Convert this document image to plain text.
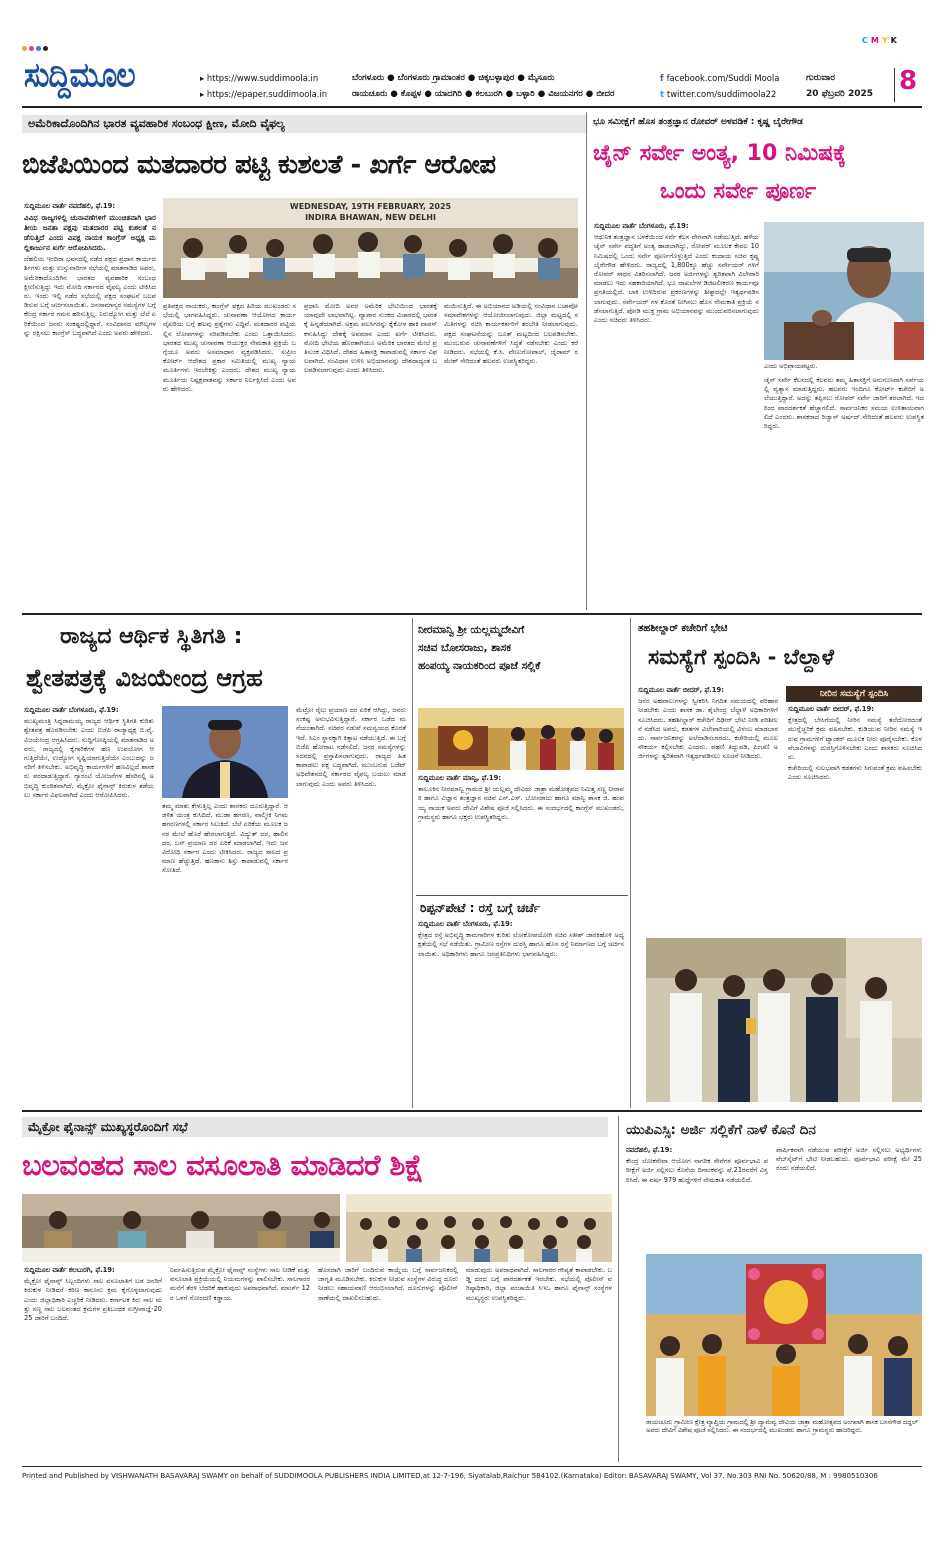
CMYK
ಸುದ್ದಿಮೂಲ	▸ https://www.suddimoola.in
▸ https://epaper.suddimoola.in
ಬೆಂಗಳೂರು ● ಬೆಂಗಳೂರು ಗ್ರಾಮಾಂತರ ● ಚಿಕ್ಕಬಳ್ಳಾಪುರ ● ಮೈಸೂರು
ರಾಯಚೂರು ● ಕೊಪ್ಪಳ ● ಯಾದಗಿರಿ ● ಕಲಬುರಗಿ ● ಬಳ್ಳಾರಿ ● ವಿಜಯನಗರ ● ಬೀದರ
f facebook.com/Suddi Moola
t twitter.com/suddimoola22
ಗುರುವಾರ
20 ಫೆಬ್ರವರಿ 2025 8
ಅಮೆರಿಕಾದೊಂದಿಗಿನ ಭಾರತ ವ್ಯವಹಾರಿಕ ಸಂಬಂಧ ಕ್ಷೀಣ, ಮೋದಿ ವೈಫಲ್ಯ
ಬಿಜೆಪಿಯಿಂದ ಮತದಾರರ ಪಟ್ಟಿ ಕುಶಲತೆ - ಖರ್ಗೆ ಆರೋಪ
WEDNESDAY, 19TH FEBRUARY, 2025
INDIRA BHAWAN, NEW DELHI

ಸುದ್ದಿಮೂಲ ವಾರ್ತೆ ನವದೆಹಲಿ, ಫೆ.19:

ವಿವಿಧ ರಾಜ್ಯಗಳಲ್ಲಿ ಚುನಾವಣೆಗಳಿಗೆ ಮುಂಚಿತವಾಗಿ ಭಾರತೀಯ ಜನತಾ ಪಕ್ಷವು ಮತದಾರರ ಪಟ್ಟಿ ಕುಶಲತೆ ನಡೆಸುತ್ತಿದೆ ಎಂದು ವಿಪಕ್ಷ ನಾಯಕ ಕಾಂಗ್ರೆಸ್ ಅಧ್ಯಕ್ಷ ಮಲ್ಲಿಕಾರ್ಜುನ ಖರ್ಗೆ ಆರೋಪಿಸಿದರು.

ದೆಹಲಿಯ ಇಂದಿರಾ ಭವನದಲ್ಲಿ ನಡೆದ ಪಕ್ಷದ ಪ್ರಧಾನ ಕಾರ್ಯದರ್ಶಿಗಳು ಮತ್ತು ಉಸ್ತುವಾರಿಗಳ ಸಭೆಯಲ್ಲಿ ಮಾತನಾಡಿದ ಅವರು, ಅಮೆರಿಕಾದೊಂದಿಗಿನ ಭಾರತದ ವ್ಯವಹಾರಿಕ ಸಂಬಂಧ ಕ್ಷೀಣಿಸುತ್ತಿದ್ದು ಇದು ಮೋದಿ ಸರ್ಕಾರದ ವೈಫಲ್ಯ ಎಂದು ಟೀಕಿಸಿದರು. ಇಂದು ಇಲ್ಲಿ ನಡೆದ ಸಭೆಯಲ್ಲಿ ಪಕ್ಷದ ಸಂಘಟನೆ ಬಲಪಡಿಸುವ ಬಗ್ಗೆ ಚರ್ಚಿಸಲಾಯಿತು. ಜನಸಾಮಾನ್ಯರ ಸಮಸ್ಯೆಗಳ ಬಗ್ಗೆ ಕೇಂದ್ರ ಸರ್ಕಾರ ಗಮನ ಹರಿಸುತ್ತಿಲ್ಲ. ನಿರುದ್ಯೋಗ ಮತ್ತು ಬೆಲೆ ಏರಿಕೆಯಿಂದ ಜನರು ಸಂಕಷ್ಟದಲ್ಲಿದ್ದಾರೆ. ಸಂವಿಧಾನದ ಮೌಲ್ಯಗಳನ್ನು ರಕ್ಷಿಸಲು ಕಾಂಗ್ರೆಸ್ ಬದ್ಧವಾಗಿದೆ ಎಂದು ಅವರು ಹೇಳಿದರು.

ಪ್ರತಿಪಕ್ಷದ ನಾಯಕರು, ಕಾಂಗ್ರೆಸ್ ಪಕ್ಷದ ಹಿರಿಯ ಮುಖಂಡರು ಸಭೆಯಲ್ಲಿ ಭಾಗವಹಿಸಿದ್ದರು. ಚುನಾವಣಾ ಆಯೋಗದ ಕಾರ್ಯವೈಖರಿಯ ಬಗ್ಗೆ ಹಲವು ಪ್ರಶ್ನೆಗಳು ಎದ್ದಿವೆ. ಮತದಾರರ ಪಟ್ಟಿಯಲ್ಲಿನ ಲೋಪಗಳನ್ನು ಸರಿಪಡಿಸಬೇಕು ಎಂದು ಒತ್ತಾಯಿಸಿದರು. ಭಾರತದ ಮುಖ್ಯ ಚುನಾವಣಾ ಆಯುಕ್ತರ ನೇಮಕಾತಿ ಪ್ರಕ್ರಿಯೆ ಬಗ್ಗೆಯೂ ಅವರು ಅಸಮಾಧಾನ ವ್ಯಕ್ತಪಡಿಸಿದರು. ಸುಪ್ರೀಂ ಕೋರ್ಟ್ ಆದೇಶದ ಪ್ರಕಾರ ಸಮಿತಿಯಲ್ಲಿ ಮುಖ್ಯ ನ್ಯಾಯಮೂರ್ತಿಗಳು ಇರಬೇಕಿತ್ತು ಎಂದರು. ದೇಶದ ಮುಖ್ಯ ನ್ಯಾಯ ಮೂರ್ತಿಯ ನಿಷ್ಪಕ್ಷಪಾತವನ್ನು ಸರ್ಕಾರ ನಿರ್ಲಕ್ಷಿಸಿದೆ ಎಂದು ಅವರು ಹೇಳಿದರು.

ಪ್ರಧಾನಿ ಮೋದಿ ಅವರ ಅಮೆರಿಕ ಭೇಟಿಯಿಂದ ಭಾರತಕ್ಕೆ ಯಾವುದೇ ಲಾಭವಾಗಿಲ್ಲ. ವ್ಯಾಪಾರ ಸುಂಕದ ವಿಚಾರದಲ್ಲಿ ಭಾರತಕ್ಕೆ ಹಿನ್ನಡೆಯಾಗಿದೆ. ಅಕ್ರಮ ವಲಸಿಗರನ್ನು ಕೈಕೋಳ ಹಾಕಿ ವಾಪಸ್ ಕಳುಹಿಸಿದ್ದು ದೇಶಕ್ಕೆ ಅವಮಾನ ಎಂದು ಖರ್ಗೆ ಟೀಕಿಸಿದರು. ಮೋದಿ ಭೇಟಿಯ ಹೊರತಾಗಿಯೂ ಅಮೆರಿಕ ಭಾರತದ ಮೇಲೆ ಪ್ರತಿಸುಂಕ ವಿಧಿಸಿದೆ. ದೇಶದ ಹಿತಾಸಕ್ತಿ ಕಾಪಾಡುವಲ್ಲಿ ಸರ್ಕಾರ ವಿಫಲವಾಗಿದೆ. ಸಂವಿಧಾನ ಉಳಿಸಿ ಅಭಿಯಾನವನ್ನು ದೇಶದಾದ್ಯಂತ ಬಲಪಡಿಸಲಾಗುವುದು ಎಂದು ತಿಳಿಸಿದರು.

ಮಯಿಸುತ್ತಿದೆ. ಈ ಅಭಿಯಾನದ ಅಡಿಯಲ್ಲಿ ಸಂವಿಧಾನ ಬಚಾವೋ ಸಮಾವೇಶಗಳನ್ನು ಆಯೋಜಿಸಲಾಗುವುದು. ಜಿಲ್ಲಾ ಮಟ್ಟದಲ್ಲಿ ಸಮಿತಿಗಳನ್ನು ರಚಿಸಿ ಕಾರ್ಯಕರ್ತರಿಗೆ ತರಬೇತಿ ನೀಡಲಾಗುವುದು. ಪಕ್ಷದ ಸಂಘಟನೆಯನ್ನು ಬೂತ್ ಮಟ್ಟದಿಂದ ಬಲಪಡಿಸಬೇಕು. ಮುಂಬರುವ ಚುನಾವಣೆಗಳಿಗೆ ಸಿದ್ಧತೆ ನಡೆಸಬೇಕು ಎಂದು ಕರೆ ನೀಡಿದರು. ಸಭೆಯಲ್ಲಿ ಕೆ.ಸಿ. ವೇಣುಗೋಪಾಲ್, ಜೈರಾಮ್ ರಮೇಶ್ ಸೇರಿದಂತೆ ಹಲವರು ಉಪಸ್ಥಿತರಿದ್ದರು.

ಭೂ ಸಮೀಕ್ಷೆಗೆ ಹೊಸ ತಂತ್ರಜ್ಞಾನ ರೋವರ್ ಅಳವಡಿಕೆ : ಕೃಷ್ಣ ಬೈರೇಗೌಡ
ಚೈನ್ ಸರ್ವೇ ಅಂತ್ಯ, 10 ನಿಮಿಷಕ್ಕೆ
ಒಂದು ಸರ್ವೇ ಪೂರ್ಣ

ಸುದ್ದಿಮೂಲ ವಾರ್ತೆ ಬೆಂಗಳೂರು, ಫೆ.19:

ಆಧುನಿಕ ತಂತ್ರಜ್ಞಾನ ಬಳಕೆಯಿಂದ ಸರ್ವೆ ಕೆಲಸ ವೇಗವಾಗಿ ನಡೆಯುತ್ತಿದೆ. ಹಳೆಯ ಚೈನ್ ಸರ್ವೇ ಪದ್ಧತಿಗೆ ಅಂತ್ಯ ಹಾಡಲಾಗಿದ್ದು, ರೋವರ್ ಮೂಲಕ ಕೇವಲ 10 ನಿಮಿಷದಲ್ಲಿ ಒಂದು ಸರ್ವೇ ಪೂರ್ಣಗೊಳ್ಳುತ್ತಿದೆ ಎಂದು ಕಂದಾಯ ಸಚಿವ ಕೃಷ್ಣ ಬೈರೇಗೌಡ ಹೇಳಿದರು. ರಾಜ್ಯದಲ್ಲಿ 1,800ಕ್ಕೂ ಹೆಚ್ಚು ಸರ್ವೇಯರ್ ಗಳಿಗೆ ರೋವರ್ ಸಾಧನ ವಿತರಿಸಲಾಗಿದೆ. ಜನರ ಅರ್ಜಿಗಳನ್ನು ತ್ವರಿತವಾಗಿ ವಿಲೇವಾರಿ ಮಾಡಲು ಇದು ಸಹಕಾರಿಯಾಗಿದೆ. ಭೂ ದಾಖಲೆಗಳ ಡಿಜಿಟಲೀಕರಣ ಕಾರ್ಯವೂ ಪ್ರಗತಿಯಲ್ಲಿದೆ. ಬಾಕಿ ಉಳಿದಿರುವ ಪ್ರಕರಣಗಳನ್ನು ಶೀಘ್ರದಲ್ಲೇ ಇತ್ಯರ್ಥಪಡಿಸಲಾಗುವುದು. ಸರ್ವೇಯರ್ ಗಳ ಕೊರತೆ ನೀಗಿಸಲು ಹೊಸ ನೇಮಕಾತಿ ಪ್ರಕ್ರಿಯೆ ನಡೆಸಲಾಗುತ್ತಿದೆ. ಪೋಡಿ ಮುಕ್ತ ಗ್ರಾಮ ಅಭಿಯಾನವನ್ನು ಮುಂದುವರಿಸಲಾಗುವುದು ಎಂದು ಸಚಿವರು ತಿಳಿಸಿದರು.

ಎಂದು ಅಭಿಪ್ರಾಯಪಟ್ಟರು.

ಚೈನ್ ಸರ್ವೇ ಕೆಲಸದಲ್ಲಿ ಕೆಲವರು ತಮ್ಮ ಹಿತಾಸಕ್ತಿಗೆ ಅನುಗುಣವಾಗಿ ಸರ್ವೆಯಲ್ಲಿ ವ್ಯತ್ಯಾಸ ಮಾಡುತ್ತಿದ್ದರು. ಹಲವರು ಇಂದಿಗೂ ಕೋರ್ಟ್ ಕಚೇರಿಗೆ ಅಲೆಯುತ್ತಿದ್ದಾರೆ. ಅದನ್ನು ತಪ್ಪಿಸಲು ರೋವರ್ ಸರ್ವೇ ಜಾರಿಗೆ ತರಲಾಗಿದೆ. ಇದರಿಂದ ಪಾರದರ್ಶಕತೆ ಹೆಚ್ಚಾಗಲಿದೆ. ಸಾರ್ವಜನಿಕರ ಸಮಯ ಉಳಿತಾಯವಾಗಲಿದೆ ಎಂದರು. ಶಾಸಕರಾದ ರಿಜ್ವಾನ್ ಅರ್ಷದ್ ಸೇರಿದಂತೆ ಹಲವರು ಉಪಸ್ಥಿತರಿದ್ದರು.

ರಾಜ್ಯದ ಆರ್ಥಿಕ ಸ್ಥಿತಿಗತಿ :
ಶ್ವೇತಪತ್ರಕ್ಕೆ ವಿಜಯೇಂದ್ರ ಆಗ್ರಹ

ಸುದ್ದಿಮೂಲ ವಾರ್ತೆ ಬೆಂಗಳೂರು, ಫೆ.19:

ಮುಖ್ಯಮಂತ್ರಿ ಸಿದ್ದರಾಮಯ್ಯ ರಾಜ್ಯದ ಆರ್ಥಿಕ ಸ್ಥಿತಿಗತಿ ಕುರಿತು ಶ್ವೇತಪತ್ರ ಹೊರಡಿಸಬೇಕು ಎಂದು ಬಿಜೆಪಿ ರಾಜ್ಯಾಧ್ಯಕ್ಷ ಬಿ.ವೈ. ವಿಜಯೇಂದ್ರ ಆಗ್ರಹಿಸಿದರು. ಸುದ್ದಿಗೋಷ್ಠಿಯಲ್ಲಿ ಮಾತನಾಡಿದ ಅವರು, ರಾಜ್ಯದಲ್ಲಿ ಕೈಗಾರಿಕೆಗಳ ಹಣ ಉಪಯೋಗ ಆಗುತ್ತಿದೆಯೇ, ಉದ್ಯೋಗ ಸೃಷ್ಟಿಯಾಗುತ್ತಿದೆಯೇ ಎಂಬುದನ್ನು ಜನರಿಗೆ ತಿಳಿಸಬೇಕು. ಅಭಿವೃದ್ಧಿ ಕಾರ್ಯಗಳಿಗೆ ಹಣವಿಲ್ಲದೆ ಶಾಸಕರು ಪರದಾಡುತ್ತಿದ್ದಾರೆ. ಗ್ಯಾರಂಟಿ ಯೋಜನೆಗಳ ಹೆಸರಿನಲ್ಲಿ ಅಭಿವೃದ್ಧಿ ಕುಂಠಿತವಾಗಿದೆ. ಮೈಕ್ರೋ ಫೈನಾನ್ಸ್ ಕಿರುಕುಳ ತಡೆಯಲು ಸರ್ಕಾರ ವಿಫಲವಾಗಿದೆ ಎಂದು ಆರೋಪಿಸಿದರು.

ತಮ್ಮ ಮಾತು ಕೇಳುತ್ತಿಲ್ಲ ಎಂದು ಶಾಸಕರು ದೂರುತ್ತಿದ್ದಾರೆ. ಆಡಳಿತ ಯಂತ್ರ ಕುಸಿದಿದೆ. ಮುಡಾ ಹಗರಣ, ವಾಲ್ಮೀಕಿ ನಿಗಮ ಹಗರಣಗಳಲ್ಲಿ ಸರ್ಕಾರ ಸಿಲುಕಿದೆ. ಬೆಲೆ ಏರಿಕೆಯ ಮೂಲಕ ಜನರ ಮೇಲೆ ಹೊರೆ ಹೇರಲಾಗುತ್ತಿದೆ. ವಿದ್ಯುತ್ ದರ, ಹಾಲಿನ ದರ, ಬಸ್ ಪ್ರಯಾಣ ದರ ಏರಿಕೆ ಮಾಡಲಾಗಿದೆ. ಇದು ಜನವಿರೋಧಿ ಸರ್ಕಾರ ಎಂದು ಟೀಕಿಸಿದರು. ರಾಜ್ಯದ ಸಾಲದ ಪ್ರಮಾಣ ಹೆಚ್ಚುತ್ತಿದೆ. ಹಣಕಾಸು ಶಿಸ್ತು ಕಾಪಾಡುವಲ್ಲಿ ಸರ್ಕಾರ ಸೋತಿದೆ.

ಮೆಟ್ರೋ ರೈಲು ಪ್ರಯಾಣ ದರ ಏರಿಕೆ ಆಗಿದ್ದು, ಜನರು ಸಂಕಷ್ಟ ಅನುಭವಿಸುತ್ತಿದ್ದಾರೆ. ಸರ್ಕಾರ ಒಡೆದ ಮನೆಯಂತಾಗಿದೆ. ಸಚಿವರ ನಡುವೆ ಸಮನ್ವಯದ ಕೊರತೆ ಇದೆ. ಸಿಎಂ ಸ್ಥಾನಕ್ಕಾಗಿ ಕಿತ್ತಾಟ ನಡೆಯುತ್ತಿದೆ. ಈ ಬಗ್ಗೆ ಬಿಜೆಪಿ ಹೋರಾಟ ನಡೆಸಲಿದೆ. ಜನರ ಸಮಸ್ಯೆಗಳನ್ನು ಸದನದಲ್ಲಿ ಪ್ರಸ್ತಾಪಿಸಲಾಗುವುದು. ರಾಜ್ಯದ ಹಿತ ಕಾಪಾಡಲು ಪಕ್ಷ ಬದ್ಧವಾಗಿದೆ. ಮುಂಬರುವ ಬಜೆಟ್ ಅಧಿವೇಶನದಲ್ಲಿ ಸರ್ಕಾರದ ವೈಫಲ್ಯ ಬಯಲು ಮಾಡಲಾಗುವುದು ಎಂದು ಅವರು ತಿಳಿಸಿದರು.

ನೀರಮಾನ್ವಿ ಶ್ರೀ ಯಲ್ಲಮ್ಮದೇವಿಗೆ
ಸಚಿವ ಬೋಸರಾಜು, ಶಾಸಕ
ಹಂಪಯ್ಯ ನಾಯಕರಿಂದ ಪೂಜೆ ಸಲ್ಲಿಕೆ

ಸುದ್ದಿಮೂಲ ವಾರ್ತೆ ಮಾನ್ವಿ, ಫೆ.19:

ತಾಲೂಕಿನ ನೀರಮಾನ್ವಿ ಗ್ರಾಮದ ಶ್ರೀ ಯಲ್ಲಮ್ಮ ದೇವಿಯ ಜಾತ್ರಾ ಮಹೋತ್ಸವದ ನಿಮಿತ್ತ ಸಣ್ಣ ನೀರಾವರಿ ಹಾಗೂ ವಿಜ್ಞಾನ ತಂತ್ರಜ್ಞಾನ ಸಚಿವ ಎನ್.ಎಸ್. ಬೋಸರಾಜು ಹಾಗೂ ಮಾನ್ವಿ ಶಾಸಕ ಜಿ. ಹಂಪಯ್ಯ ನಾಯಕ ಅವರು ದೇವಿಗೆ ವಿಶೇಷ ಪೂಜೆ ಸಲ್ಲಿಸಿದರು. ಈ ಸಂದರ್ಭದಲ್ಲಿ ಕಾಂಗ್ರೆಸ್ ಮುಖಂಡರು, ಗ್ರಾಮಸ್ಥರು ಹಾಗೂ ಭಕ್ತರು ಉಪಸ್ಥಿತರಿದ್ದರು.

ರಿಪ್ಪನ್‌ಪೇಟೆ : ರಸ್ತೆ ಬಗ್ಗೆ ಚರ್ಚೆ

ಸುದ್ದಿಮೂಲ ವಾರ್ತೆ ಬೆಂಗಳೂರು, ಫೆ.19:

ಕ್ಷೇತ್ರದ ರಸ್ತೆ ಅಭಿವೃದ್ಧಿ ಕಾಮಗಾರಿಗಳ ಕುರಿತು ಲೋಕೋಪಯೋಗಿ ಸಚಿವ ಸತೀಶ್ ಜಾರಕಿಹೊಳಿ ಅಧ್ಯಕ್ಷತೆಯಲ್ಲಿ ಸಭೆ ನಡೆಯಿತು. ಗ್ರಾಮೀಣ ರಸ್ತೆಗಳ ದುರಸ್ತಿ ಹಾಗೂ ಹೊಸ ರಸ್ತೆ ನಿರ್ಮಾಣದ ಬಗ್ಗೆ ಚರ್ಚಿಸಲಾಯಿತು. ಅಧಿಕಾರಿಗಳು ಹಾಗೂ ಜನಪ್ರತಿನಿಧಿಗಳು ಭಾಗವಹಿಸಿದ್ದರು.

ತಹಶೀಲ್ದಾರ್ ಕಚೇರಿಗೆ ಭೇಟಿ
ಸಮಸ್ಯೆಗೆ ಸ್ಪಂದಿಸಿ - ಬೆಲ್ದಾಳೆ

ಸುದ್ದಿಮೂಲ ವಾರ್ತೆ ಬೀದರ್, ಫೆ.19:

ಜನರ ಅಹವಾಲುಗಳನ್ನು ಸ್ವೀಕರಿಸಿ ನಿಗದಿತ ಸಮಯದಲ್ಲಿ ಪರಿಹಾರ ನೀಡಬೇಕು ಎಂದು ಶಾಸಕ ಡಾ. ಶೈಲೇಂದ್ರ ಬೆಲ್ದಾಳೆ ಅಧಿಕಾರಿಗಳಿಗೆ ಸೂಚಿಸಿದರು. ತಹಶೀಲ್ದಾರ್ ಕಚೇರಿಗೆ ದಿಢೀರ್ ಭೇಟಿ ನೀಡಿ ಪರಿಶೀಲನೆ ನಡೆಸಿದ ಅವರು, ಕಡತಗಳ ವಿಲೇವಾರಿಯಲ್ಲಿ ವಿಳಂಬ ಮಾಡಬಾರದು. ಸಾರ್ವಜನಿಕರನ್ನು ಅಲೆದಾಡಿಸಬಾರದು. ಕಚೇರಿಯಲ್ಲಿ ಮೂಲಸೌಕರ್ಯ ಕಲ್ಪಿಸಬೇಕು ಎಂದರು. ಪಹಣಿ ತಿದ್ದುಪಡಿ, ಪಿಂಚಣಿ ಅರ್ಜಿಗಳನ್ನು ತ್ವರಿತವಾಗಿ ಇತ್ಯರ್ಥಪಡಿಸಲು ಸೂಚನೆ ನೀಡಿದರು.

ನೀರಿನ ಸಮಸ್ಯೆಗೆ ಸ್ಪಂದಿಸಿ

ಸುದ್ದಿಮೂಲ ವಾರ್ತೆ ಬೀದರ್, ಫೆ.19:

ಕ್ಷೇತ್ರದಲ್ಲಿ ಬೇಸಿಗೆಯಲ್ಲಿ ನೀರಿನ ಸಮಸ್ಯೆ ತಲೆದೋರದಂತೆ ಮುನ್ನೆಚ್ಚರಿಕೆ ಕ್ರಮ ವಹಿಸಬೇಕು. ಕುಡಿಯುವ ನೀರಿನ ಸಮಸ್ಯೆ ಇರುವ ಗ್ರಾಮಗಳಿಗೆ ಟ್ಯಾಂಕರ್ ಮೂಲಕ ನೀರು ಪೂರೈಸಬೇಕು. ಕೊಳವೆಬಾವಿಗಳನ್ನು ದುರಸ್ತಿಗೊಳಿಸಬೇಕು ಎಂದು ಶಾಸಕರು ಸೂಚಿಸಿದರು.

ಕಚೇರಿಯಲ್ಲಿ ಸುಲಭವಾಗಿ ಕಡತಗಳು ಸಿಗುವಂತೆ ಕ್ರಮ ವಹಿಸಬೇಕು ಎಂದು ಸೂಚಿಸಿದರು.

ಮೈಕ್ರೋ ಫೈನಾನ್ಸ್ ಮುಖ್ಯಸ್ಥರೊಂದಿಗೆ ಸಭೆ
ಬಲವಂತದ ಸಾಲ ವಸೂಲಾತಿ ಮಾಡಿದರೆ ಶಿಕ್ಷೆ

ಸುದ್ದಿಮೂಲ ವಾರ್ತೆ ಕಲಬುರಗಿ, ಫೆ.19:

ಮೈಕ್ರೋ ಫೈನಾನ್ಸ್ ಸಿಬ್ಬಂದಿಗಳು ಸಾಲ ವಸೂಲಾತಿಗೆ ಬಡ ಜನರಿಗೆ ಕಿರುಕುಳ ನೀಡಿದರೆ ಕಠಿಣ ಕಾನೂನು ಕ್ರಮ ಕೈಗೊಳ್ಳಲಾಗುವುದು ಎಂದು ಜಿಲ್ಲಾಧಿಕಾರಿ ಎಚ್ಚರಿಕೆ ನೀಡಿದರು. ಕರ್ನಾಟಕ ಕಿರು ಸಾಲ ಮತ್ತು ಸಣ್ಣ ಸಾಲ ಬಲವಂತದ ಕ್ರಮಗಳ ಪ್ರತಿಬಂಧಕ ಸುಗ್ರೀವಾಜ್ಞೆ-2025 ಜಾರಿಗೆ ಬಂದಿದೆ.

ನಿರ್ವಹಿಸುತ್ತಿರುವ ಮೈಕ್ರೋ ಫೈನಾನ್ಸ್ ಸಂಸ್ಥೆಗಳು ಸಾಲ ನೀಡಿಕೆ ಮತ್ತು ವಸೂಲಾತಿ ಪ್ರಕ್ರಿಯೆಯಲ್ಲಿ ನಿಯಮಗಳನ್ನು ಪಾಲಿಸಬೇಕು. ಸಾಲಗಾರರ ಮನೆಗೆ ತೆರಳಿ ಬೆದರಿಕೆ ಹಾಕುವುದು ಅಪರಾಧವಾಗಿದೆ. ಮಾರ್ಚ್ 12ರ ಒಳಗೆ ನೋಂದಣಿ ಕಡ್ಡಾಯ.

ಹೊಸದಾಗಿ ಜಾರಿಗೆ ಬಂದಿರುವ ಕಾಯ್ದೆಯ ಬಗ್ಗೆ ಸಾರ್ವಜನಿಕರಲ್ಲಿ ಜಾಗೃತಿ ಮೂಡಿಸಬೇಕು. ಕಿರುಕುಳ ನೀಡುವ ಸಂಸ್ಥೆಗಳ ವಿರುದ್ಧ ದೂರು ನೀಡಲು ಸಹಾಯವಾಣಿ ಆರಂಭಿಸಲಾಗಿದೆ. ದೂರುಗಳನ್ನು ಪೊಲೀಸ್ ಠಾಣೆಯಲ್ಲಿ ದಾಖಲಿಸಬಹುದು.

ಮಾಡುವುದು ಅಪರಾಧವಾಗಿದೆ. ಸಾಲಗಾರರ ಗೌಪ್ಯತೆ ಕಾಪಾಡಬೇಕು. ಬಡ್ಡಿ ದರದ ಬಗ್ಗೆ ಪಾರದರ್ಶಕತೆ ಇರಬೇಕು. ಸಭೆಯಲ್ಲಿ ಪೊಲೀಸ್ ವರಿಷ್ಠಾಧಿಕಾರಿ, ಜಿಲ್ಲಾ ಪಂಚಾಯಿತಿ ಸಿಇಒ ಹಾಗೂ ಫೈನಾನ್ಸ್ ಸಂಸ್ಥೆಗಳ ಮುಖ್ಯಸ್ಥರು ಉಪಸ್ಥಿತರಿದ್ದರು.

ಯುಪಿಎಸ್ಸಿ: ಅರ್ಜಿ ಸಲ್ಲಿಕೆಗೆ ನಾಳೆ ಕೊನೆ ದಿನ

ನವದೆಹಲಿ, ಫೆ.19:

ಕೇಂದ್ರ ಲೋಕಸೇವಾ ಆಯೋಗ ನಾಗರಿಕ ಸೇವೆಗಳ ಪೂರ್ವಭಾವಿ ಪರೀಕ್ಷೆಗೆ ಅರ್ಜಿ ಸಲ್ಲಿಸಲು ಕೊನೆಯ ದಿನಾಂಕವನ್ನು ಫೆ.21ರವರೆಗೆ ವಿಸ್ತರಿಸಿದೆ. ಈ ವರ್ಷ 979 ಹುದ್ದೆಗಳಿಗೆ ನೇಮಕಾತಿ ನಡೆಯಲಿದೆ.

ವಾರ್ಷಿಕವಾಗಿ ನಡೆಯುವ ಪರೀಕ್ಷೆಗೆ ಅರ್ಜಿ ಸಲ್ಲಿಸಲು ಅಭ್ಯರ್ಥಿಗಳು ವೆಬ್‌ಸೈಟ್‌ಗೆ ಭೇಟಿ ನೀಡಬಹುದು. ಪೂರ್ವಭಾವಿ ಪರೀಕ್ಷೆ ಮೇ 25ರಂದು ನಡೆಯಲಿದೆ.

ರಾಯಚೂರು ಗ್ರಾಮೀಣ ಕ್ಷೇತ್ರ ವ್ಯಾಪ್ತಿಯ ಗ್ರಾಮದಲ್ಲಿ ಶ್ರೀ ದ್ಯಾಮವ್ವ ದೇವಿಯ ಜಾತ್ರಾ ಮಹೋತ್ಸವದ ಅಂಗವಾಗಿ ಶಾಸಕ ಬಸನಗೌಡ ದದ್ದಲ್ ಅವರು ದೇವಿಗೆ ವಿಶೇಷ ಪೂಜೆ ಸಲ್ಲಿಸಿದರು. ಈ ಸಂದರ್ಭದಲ್ಲಿ ಮುಖಂಡರು ಹಾಗೂ ಗ್ರಾಮಸ್ಥರು ಹಾಜರಿದ್ದರು.
Printed and Published by VISHWANATH BASAVARAJ SWAMY on behalf of SUDDIMOOLA PUBLISHERS INDIA LIMITED,at 12-7-196, Siyatalab,Raichur 584102.(Karnataka) Editor: BASAVARAJ SWAMY, Vol 37. No.303 RNI No. 50620/88, M : 9980510306
